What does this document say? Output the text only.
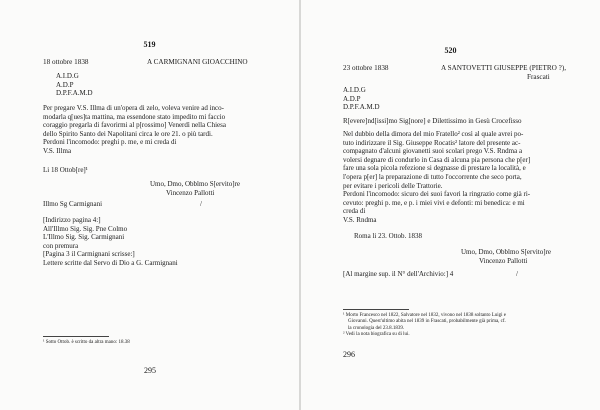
519
18 ottobre 1838	A CARMIGNANI GIOACCHINO
A.I.D.G
A.D.P
D.P.F.A.M.D
Per pregare V.S. Illma di un'opera di zelo, voleva venire ad inco-
modarla q[ues]ta mattina, ma essendone stato impedito mi faccio
coraggio pregarla di favorirmi al p[rossimo] Venerdì nella Chiesa
dello Spirito Santo dei Napolitani circa le ore 21. o più tardi.
Perdoni l'incomodo: preghi p. me, e mi creda di
V.S. Illma
Li 18 Ottob[re]¹
Umo, Dmo, Obblmo S[ervito]re
Vincenzo Pallotti
Illmo Sg Carmignani	/
[Indirizzo pagina 4:]
All'Illmo Sig. Sig. Pne Colmo
L'Illmo Sig. Sig. Carmignani
con premura
[Pagina 3 il Carmignani scrisse:]
Lettere scritte dal Servo di Dio a G. Carmignani
¹ Sotto Ottob. è scritto da altra mano: 18.38
295
520
23 ottobre 1838	A SANTOVETTI GIUSEPPE (PIETRO ?),
Frascati
A.I.D.G
A.D.P
D.P.F.A.M.D
R[evere]nd[issi]mo Sig[nore] e Dilettissimo in Gesù Crocefisso
Nel dubbio della dimora del mio Fratello² così al quale avrei po-
tuto indirizzare il Sig. Giuseppe Rocatis² latore del presente ac-
compagnato d'alcuni giovanetti suoi scolari prego V.S. Rndma a
volersi degnare di condurlo in Casa di alcuna pia persona che p[er]
fare una sola picola refezione si degnasse di prestare la località, e
l'opera p[er] la preparazione di tutto l'occorrente che seco porta,
per evitare i pericoli delle Trattorie.
Perdoni l'incomodo: sicuro dei suoi favori la ringrazio come già ri-
cevuto: preghi p. me, e p. i miei vivi e defonti: mi benedica: e mi
creda di
V.S. Rndma
Roma li 23. Ottob. 1838
Umo, Dmo, Obblmo S[ervito]re
Vincenzo Pallotti
[Al margine sup. il N° dell'Archivio:] 4	/
¹ Morto Francesco nel 1822, Salvatore nel 1832, vivono nel 1838 soltanto Luigi e
Giovanni. Quest'ultimo abita nel 1839 in Frascati, probabilmente già prima, cf.
la cronologia del 23.8.1839.
² Vedi la nota biografica su di lui.
296
